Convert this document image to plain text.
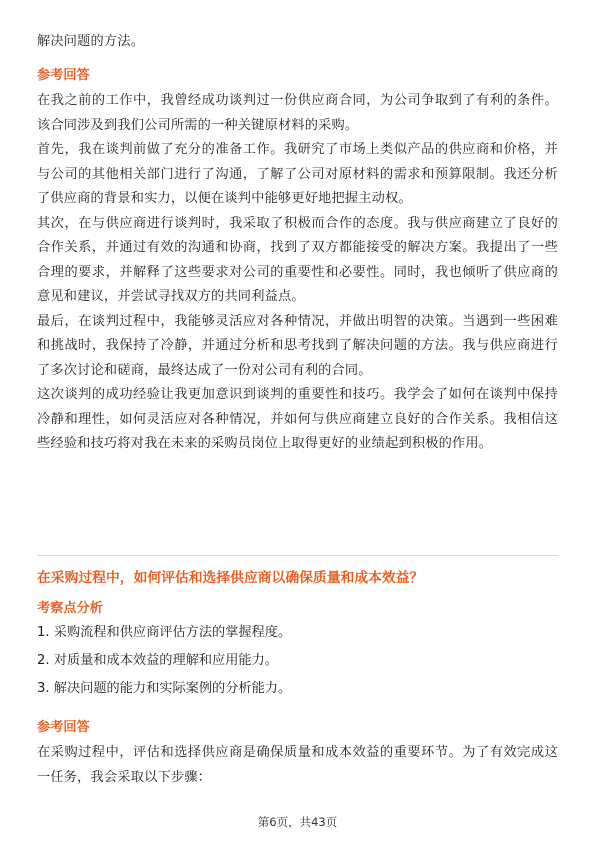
解决问题的方法。

参考回答

在我之前的工作中，我曾经成功谈判过一份供应商合同，为公司争取到了有利的条件。该合同涉及到我们公司所需的一种关键原材料的采购。

首先，我在谈判前做了充分的准备工作。我研究了市场上类似产品的供应商和价格，并与公司的其他相关部门进行了沟通，了解了公司对原材料的需求和预算限制。我还分析了供应商的背景和实力，以便在谈判中能够更好地把握主动权。

其次，在与供应商进行谈判时，我采取了积极而合作的态度。我与供应商建立了良好的合作关系，并通过有效的沟通和协商，找到了双方都能接受的解决方案。我提出了一些合理的要求，并解释了这些要求对公司的重要性和必要性。同时，我也倾听了供应商的意见和建议，并尝试寻找双方的共同利益点。

最后，在谈判过程中，我能够灵活应对各种情况，并做出明智的决策。当遇到一些困难和挑战时，我保持了冷静，并通过分析和思考找到了解决问题的方法。我与供应商进行了多次讨论和磋商，最终达成了一份对公司有利的合同。

这次谈判的成功经验让我更加意识到谈判的重要性和技巧。我学会了如何在谈判中保持冷静和理性，如何灵活应对各种情况，并如何与供应商建立良好的合作关系。我相信这些经验和技巧将对我在未来的采购员岗位上取得更好的业绩起到积极的作用。

在采购过程中，如何评估和选择供应商以确保质量和成本效益？

考察点分析

1. 采购流程和供应商评估方法的掌握程度。

2. 对质量和成本效益的理解和应用能力。

3. 解决问题的能力和实际案例的分析能力。

参考回答

在采购过程中，评估和选择供应商是确保质量和成本效益的重要环节。为了有效完成这一任务，我会采取以下步骤：

第6页，共43页
